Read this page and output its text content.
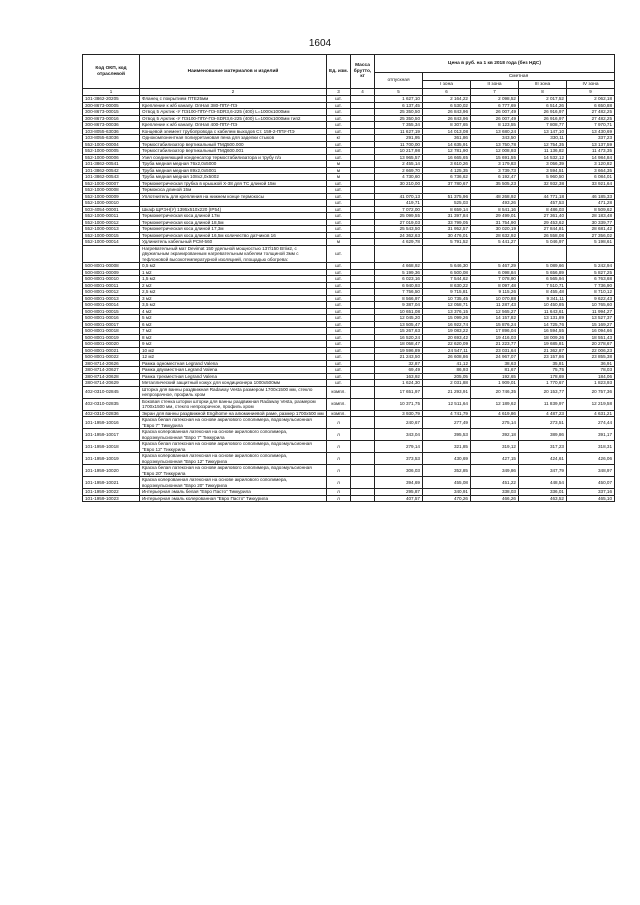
1604
Код ОКП, код отраслевой	Наименование материалов и изделий	Ед. изм.	Масса брутто, кг	Цена в руб. на 1 кв 2018 года (без НДС)				
				отпускная	Сметная			
					I зона	II зона	III зона	IV зона
1	2	3	4	5	6	7	8	9
101-3862-20205	Фланец с покрытием ПТЕ25мм	шт.		1 627,10	2 164,22	2 098,52	2 017,52	2 062,18
300-8673-00005	Крепление к ж/б каналу. ОпНап 380-ППУ-ПЭ	шт.		6 137,45	6 530,02	6 777,69	6 514,26	6 650,88
300-8673-00015	Отвод 5 Арктик -У ПЭ100-ППУ-ПЭ-SDR3,6-225 (400) L=1000х1000мм	шт.		25 350,50	26 843,96	26 007,49	26 916,97	27 482,25
300-8673-00016	Отвод 5 Арктик -У ПЭ100-ППУ-ПЭ-SDR3,6-225 (400) L=1000х1000мм тип2	шт.		25 350,50	26 843,96	26 007,49	26 916,97	27 482,25
300-8673-00036	Крепление к ж/б каналу. ОпНап 400-ППУ-ПЭ	шт.		7 355,34	8 307,65	8 123,55	7 808,77	7 970,71
103-8055-63036	Концевой элемент трубопровода с кабелем выходов Ст. 159-2-ППУ-ПЭ	шт.		11 627,19	14 013,08	13 680,24	13 147,10	13 430,69
103-8055-63036	Однокомпонентная полиуретановая пена для заделки стыков	кг		291,95	361,86	343,50	330,11	337,23
552-1000-00004	Термостабилизатор вертикальный ТМД500.000	шт.		11 700,00	14 635,91	13 750,78	12 754,35	13 137,59
552-1000-00005	Термостабилизатор вертикальный ТМД600.001	шт.		10 217,98	12 781,90	12 008,93	11 136,82	11 473,35
552-1000-00006	Узел соединяющий конденсатор термостабилизатора и трубу п/з	шт.		13 965,57	16 665,65	15 691,55	14 532,12	14 984,84
101-3862-00541	Труба медная медная 76х2,0х5000	м		2 455,14	3 610,26	3 179,83	3 056,39	3 120,82
101-3862-00542	Труба медная медная 89х2,0х5001	м		2 669,70	4 125,35	3 739,73	3 594,51	3 664,35
101-3862-00543	Труба медная медная 108х2,0х5002	м		4 730,60	6 736,62	6 192,47	5 960,50	6 084,01
552-1000-00007	Термометрическая трубка в крышкой Х-38 для ТС длиной 15м	шт.		30 210,00	37 780,67	35 505,23	32 932,38	33 921,64
552-1000-00008	Термокоса длиной 15м	шт.						
552-1000-00009	Уплотнитель для крепления на нижнем конце термокосы	шт.		41 070,13	51 375,96	48 268,92	44 771,18	46 185,33
552-1000-00010		шт.		419,71	525,03	493,26	457,53	471,28
503-4054-00001	Шкаф ЩРЭН(У) 1395х510х220 (IP54)	шт.		7 072,00	8 659,14	8 541,16	8 486,03	8 509,62
552-1000-00011	Термометрическая коса длиной 17м	шт.		25 099,55	31 397,84	29 499,01	27 361,40	28 183,48
552-1000-00012	Термометрическая коса длиной 18,5м	шт.		27 019,03	33 799,05	31 754,90	29 453,62	30 339,77
552-1000-00013	Термометрическая коса длиной 17,3м	шт.		25 543,50	31 952,57	30 020,19	27 844,81	28 681,42
552-1000-00015	Термометрическая коса длиной 16,5м количество датчиков 16	шт.		24 362,63	30 476,01	28 632,92	26 558,08	27 356,02
552-1000-00014	Удлинитель кабельный PCM-560	м		4 629,78	5 791,52	5 441,27	5 046,97	5 198,61
	Нагревательный мат Devimat 150 удельной мощностью 137/150 Вт/м2, с двужильным экранированным нагревательным кабелем толщиной 3мм с тефлоновой высокотемпературной изоляцией, площадью обогрева:	шт.						
500-8001-00008	0,5 м2	шт.		4 668,92	5 646,30	5 467,29	5 089,66	5 242,94
500-8001-00009	1 м2	шт.		5 199,36	6 500,08	6 098,84	5 656,89	5 827,25
500-8001-00010	1,5 м2	шт.		6 023,16	7 544,62	7 078,90	6 565,94	6 763,68
500-8001-00011	2 м2	шт.		6 940,93	8 630,22	8 097,48	7 510,71	7 736,90
500-8001-00012	2,5 м2	шт.		7 756,50	9 715,81	9 115,26	8 455,48	8 710,12
500-8001-00013	3 м2	шт.		8 566,97	10 735,45	10 070,88	9 341,11	9 622,43
500-8001-00014	3,5 м2	шт.		9 387,04	12 058,71	11 287,43	10 450,85	10 765,60
500-8001-00015	4 м2	шт.		10 651,08	13 376,15	12 565,27	11 643,61	11 994,27
500-8001-00016	5 м2	шт.		12 045,20	15 099,26	14 157,82	13 131,89	13 527,37
500-8001-00017	6 м2	шт.		13 505,47	16 922,74	15 876,24	14 725,76	15 169,27
500-8001-00018	7 м2	шт.		15 267,63	19 083,22	17 896,04	16 594,55	16 094,66
500-8001-00019	8 м2	шт.		16 520,24	20 693,42	19 416,03	18 009,26	18 551,43
500-8001-00020	9 м2	шт.		18 058,47	22 620,09	21 223,77	19 685,81	20 278,67
500-8001-00021	10 м2	шт.		19 596,89	24 547,11	23 031,64	21 362,87	22 006,23
500-8001-00022	12 м2	шт.		21 243,50	26 608,86	24 967,07	23 157,86	23 855,38
380-8714-20626	Рамка одноместная Legrand Valena	шт.		32,87	41,12	38,63	35,81	36,91
380-8714-20627	Рамка двухместная Legrand Valena	шт.		69,49	86,93	81,67	75,75	78,03
380-8714-20628	Рамка трехместная Legrand Valena	шт.		163,92	205,05	192,65	178,69	184,06
380-8714-20629	Металлический защитный кожух для кондиционера 1000х500мм	шт.		1 624,30	2 031,88	1 909,01	1 770,67	1 823,93
402-0310-02845	Шторка для ванны раздвижная Radaway Vesta размером 1700х1500 мм, стекло непрозрачное, профиль хром	компл.		17 651,97	21 293,91	20 746,35	20 153,77	20 757,36
402-0310-02835	Боковая стенка шторки шторки для ванны раздвижная Radaway Vesta, размером 1700х1500 мм, стекло непрозрачное, профиль хром	компл.		10 371,75	12 511,64	12 189,62	11 839,97	12 219,58
402-0310-02836	Экран для ванны раздвижной Engihome на алюминиевой раме, размер 1700х500 мм	компл.		3 930,79	4 741,79	4 619,86	4 487,23	4 631,21
101-1959-10016	Краска белая латексная на основе акрилового сополимера, водоэмульсионная "Евро 7" Тиккурила	л		240,67	277,49	275,14	273,51	274,44
101-1959-10017	Краска колерованная латексная на основе акрилового сополимера, водоэмульсионная "Евро 7" Тиккурила	л		343,04	395,53	392,18	389,86	391,17
101-1959-10018	Краска белая латексная на основе акрилового сополимера, водоэмульсионная "Евро 12" Тиккурила	л		279,14	321,85	319,12	317,23	318,31
101-1959-10019	Краска колерованная латексная на основе акрилового сополимера, водоэмульсионная "Евро 12" Тиккурила	л		373,53	430,69	427,15	424,61	426,06
101-1959-10020	Краска белая латексная на основе акрилового сополимера, водоэмульсионная "Евро 20" Тиккурила	л		306,03	352,85	349,86	347,79	348,97
101-1959-10021	Краска колерованная латексная на основе акрилового сополимера, водоэмульсионная "Евро 20" Тиккурила	л		394,69	455,08	451,22	448,54	450,07
101-1959-10022	Интерьерная эмаль белая "Евро Пасто" Тиккурила	л		295,87	340,91	338,03	336,01	337,16
101-1959-10023	Интерьерная эмаль колерованная "Евро Пасто" Тиккурила	л		407,57	470,26	466,26	463,52	465,10
